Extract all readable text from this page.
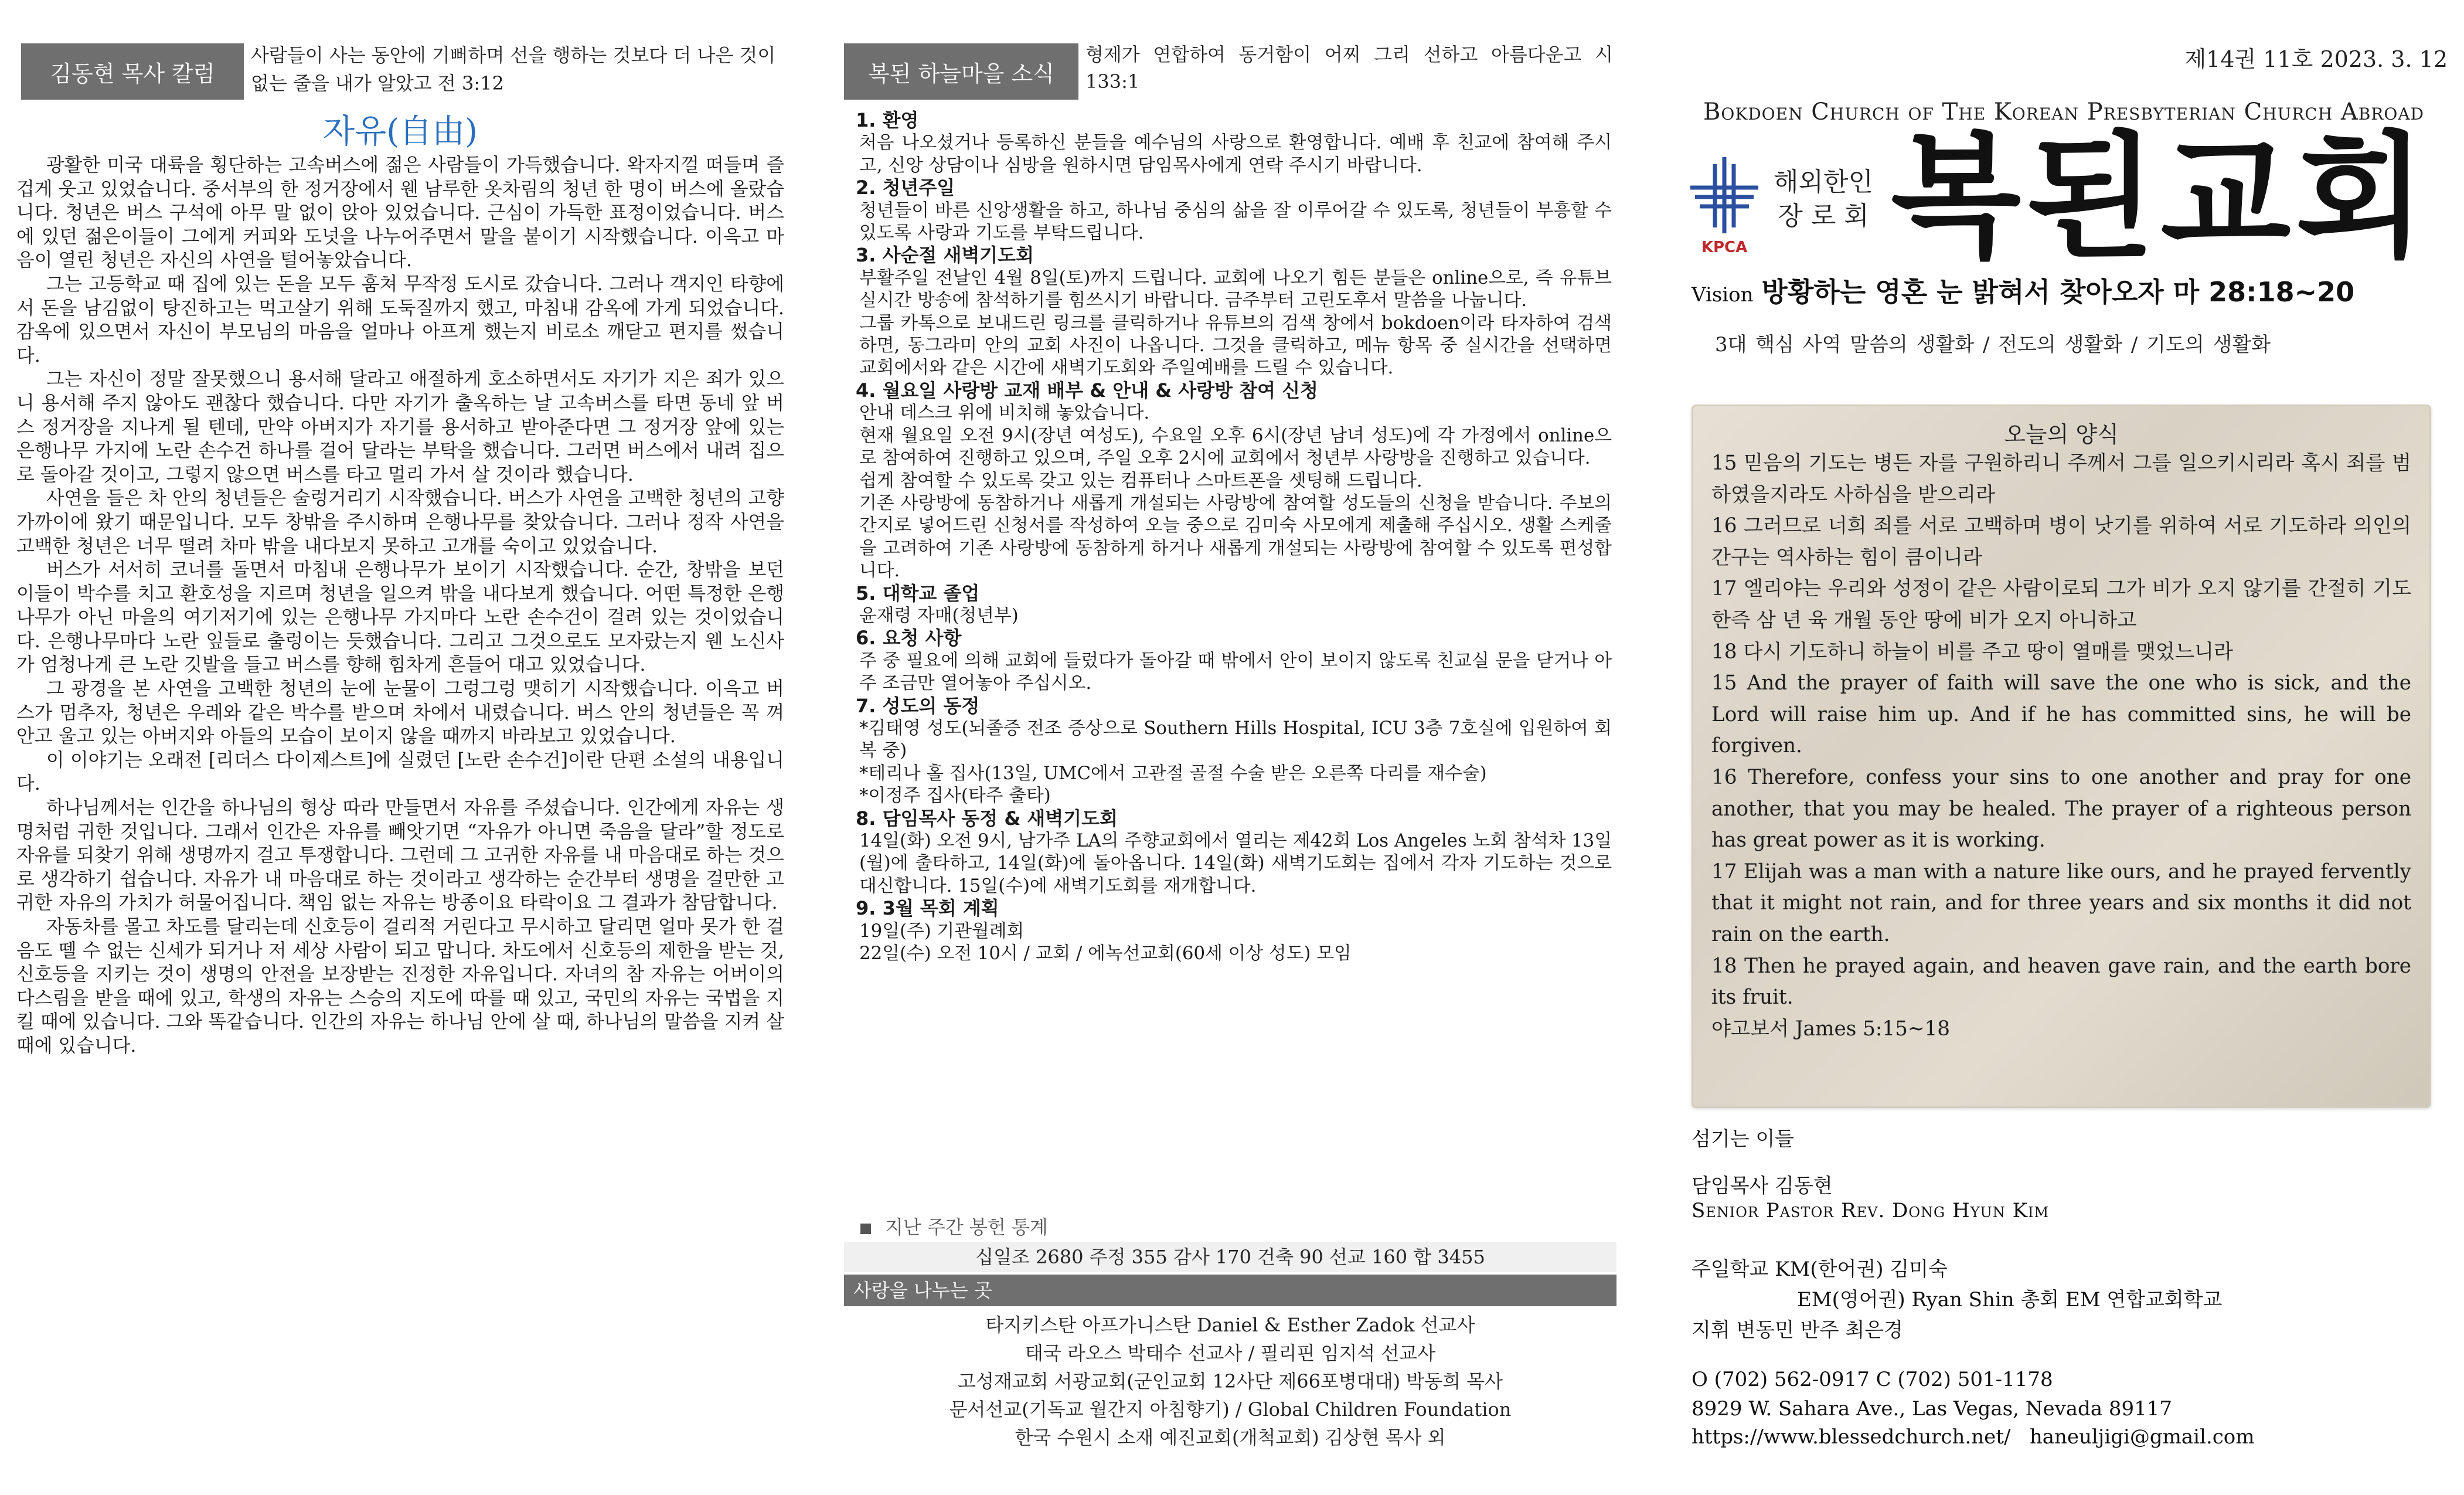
김동현 목사 칼럼
사람들이 사는 동안에 기뻐하며 선을 행하는 것보다 더 나은 것이 없는 줄을 내가 알았고 전 3:12
자유(自由)

광활한 미국 대륙을 횡단하는 고속버스에 젊은 사람들이 가득했습니다. 왁자지껄 떠들며 즐겁게 웃고 있었습니다. 중서부의 한 정거장에서 웬 남루한 옷차림의 청년 한 명이 버스에 올랐습니다. 청년은 버스 구석에 아무 말 없이 앉아 있었습니다. 근심이 가득한 표정이었습니다. 버스에 있던 젊은이들이 그에게 커피와 도넛을 나누어주면서 말을 붙이기 시작했습니다. 이윽고 마음이 열린 청년은 자신의 사연을 털어놓았습니다.

그는 고등학교 때 집에 있는 돈을 모두 훔쳐 무작정 도시로 갔습니다. 그러나 객지인 타향에서 돈을 남김없이 탕진하고는 먹고살기 위해 도둑질까지 했고, 마침내 감옥에 가게 되었습니다. 감옥에 있으면서 자신이 부모님의 마음을 얼마나 아프게 했는지 비로소 깨닫고 편지를 썼습니다.

그는 자신이 정말 잘못했으니 용서해 달라고 애절하게 호소하면서도 자기가 지은 죄가 있으니 용서해 주지 않아도 괜찮다 했습니다. 다만 자기가 출옥하는 날 고속버스를 타면 동네 앞 버스 정거장을 지나게 될 텐데, 만약 아버지가 자기를 용서하고 받아준다면 그 정거장 앞에 있는 은행나무 가지에 노란 손수건 하나를 걸어 달라는 부탁을 했습니다. 그러면 버스에서 내려 집으로 돌아갈 것이고, 그렇지 않으면 버스를 타고 멀리 가서 살 것이라 했습니다.

사연을 들은 차 안의 청년들은 술렁거리기 시작했습니다. 버스가 사연을 고백한 청년의 고향 가까이에 왔기 때문입니다. 모두 창밖을 주시하며 은행나무를 찾았습니다. 그러나 정작 사연을 고백한 청년은 너무 떨려 차마 밖을 내다보지 못하고 고개를 숙이고 있었습니다.

버스가 서서히 코너를 돌면서 마침내 은행나무가 보이기 시작했습니다. 순간, 창밖을 보던 이들이 박수를 치고 환호성을 지르며 청년을 일으켜 밖을 내다보게 했습니다. 어떤 특정한 은행나무가 아닌 마을의 여기저기에 있는 은행나무 가지마다 노란 손수건이 걸려 있는 것이었습니다. 은행나무마다 노란 잎들로 출렁이는 듯했습니다. 그리고 그것으로도 모자랐는지 웬 노신사가 엄청나게 큰 노란 깃발을 들고 버스를 향해 힘차게 흔들어 대고 있었습니다.

그 광경을 본 사연을 고백한 청년의 눈에 눈물이 그렁그렁 맺히기 시작했습니다. 이윽고 버스가 멈추자, 청년은 우레와 같은 박수를 받으며 차에서 내렸습니다. 버스 안의 청년들은 꼭 껴안고 울고 있는 아버지와 아들의 모습이 보이지 않을 때까지 바라보고 있었습니다.

이 이야기는 오래전 [리더스 다이제스트]에 실렸던 [노란 손수건]이란 단편 소설의 내용입니다.

하나님께서는 인간을 하나님의 형상 따라 만들면서 자유를 주셨습니다. 인간에게 자유는 생명처럼 귀한 것입니다. 그래서 인간은 자유를 빼앗기면 “자유가 아니면 죽음을 달라”할 정도로 자유를 되찾기 위해 생명까지 걸고 투쟁합니다. 그런데 그 고귀한 자유를 내 마음대로 하는 것으로 생각하기 쉽습니다. 자유가 내 마음대로 하는 것이라고 생각하는 순간부터 생명을 걸만한 고귀한 자유의 가치가 허물어집니다. 책임 없는 자유는 방종이요 타락이요 그 결과가 참담합니다.

자동차를 몰고 차도를 달리는데 신호등이 걸리적 거린다고 무시하고 달리면 얼마 못가 한 걸음도 뗄 수 없는 신세가 되거나 저 세상 사람이 되고 맙니다. 차도에서 신호등의 제한을 받는 것, 신호등을 지키는 것이 생명의 안전을 보장받는 진정한 자유입니다. 자녀의 참 자유는 어버이의 다스림을 받을 때에 있고, 학생의 자유는 스승의 지도에 따를 때 있고, 국민의 자유는 국법을 지킬 때에 있습니다. 그와 똑같습니다. 인간의 자유는 하나님 안에 살 때, 하나님의 말씀을 지켜 살 때에 있습니다.

복된 하늘마을 소식
형제가 연합하여 동거함이 어찌 그리 선하고 아름다운고 시 133:1
1. 환영
처음 나오셨거나 등록하신 분들을 예수님의 사랑으로 환영합니다. 예배 후 친교에 참여해 주시고, 신앙 상담이나 심방을 원하시면 담임목사에게 연락 주시기 바랍니다.
2. 청년주일
청년들이 바른 신앙생활을 하고, 하나님 중심의 삶을 잘 이루어갈 수 있도록, 청년들이 부흥할 수 있도록 사랑과 기도를 부탁드립니다.
3. 사순절 새벽기도회
부활주일 전날인 4월 8일(토)까지 드립니다. 교회에 나오기 힘든 분들은 online으로, 즉 유튜브 실시간 방송에 참석하기를 힘쓰시기 바랍니다. 금주부터 고린도후서 말씀을 나눕니다.
그룹 카톡으로 보내드린 링크를 클릭하거나 유튜브의 검색 창에서 bokdoen이라 타자하여 검색하면, 동그라미 안의 교회 사진이 나옵니다. 그것을 클릭하고, 메뉴 항목 중 실시간을 선택하면 교회에서와 같은 시간에 새벽기도회와 주일예배를 드릴 수 있습니다.
4. 월요일 사랑방 교재 배부 & 안내 & 사랑방 참여 신청
안내 데스크 위에 비치해 놓았습니다.
현재 월요일 오전 9시(장년 여성도), 수요일 오후 6시(장년 남녀 성도)에 각 가정에서 online으로 참여하여 진행하고 있으며, 주일 오후 2시에 교회에서 청년부 사랑방을 진행하고 있습니다.
쉽게 참여할 수 있도록 갖고 있는 컴퓨터나 스마트폰을 셋팅해 드립니다.
기존 사랑방에 동참하거나 새롭게 개설되는 사랑방에 참여할 성도들의 신청을 받습니다. 주보의 간지로 넣어드린 신청서를 작성하여 오늘 중으로 김미숙 사모에게 제출해 주십시오. 생활 스케줄을 고려하여 기존 사랑방에 동참하게 하거나 새롭게 개설되는 사랑방에 참여할 수 있도록 편성합니다.
5. 대학교 졸업
윤재령 자매(청년부)
6. 요청 사항
주 중 필요에 의해 교회에 들렀다가 돌아갈 때 밖에서 안이 보이지 않도록 친교실 문을 닫거나 아주 조금만 열어놓아 주십시오.
7. 성도의 동정
*김태영 성도(뇌졸증 전조 증상으로 Southern Hills Hospital, ICU 3층 7호실에 입원하여 회복 중)
*테리나 홀 집사(13일, UMC에서 고관절 골절 수술 받은 오른쪽 다리를 재수술)
*이정주 집사(타주 출타)
8. 담임목사 동정 & 새벽기도회
14일(화) 오전 9시, 남가주 LA의 주향교회에서 열리는 제42회 Los Angeles 노회 참석차 13일(월)에 출타하고, 14일(화)에 돌아옵니다. 14일(화) 새벽기도회는 집에서 각자 기도하는 것으로 대신합니다. 15일(수)에 새벽기도회를 재개합니다.
9. 3월 목회 계획
19일(주) 기관월례회
22일(수) 오전 10시 / 교회 / 에녹선교회(60세 이상 성도) 모임
지난 주간 봉헌 통계
십일조 2680 주정 355 감사 170 건축 90 선교 160 합 3455
사랑을 나누는 곳
타지키스탄 아프가니스탄 Daniel & Esther Zadok 선교사
태국 라오스 박태수 선교사 / 필리핀 임지석 선교사
고성재교회 서광교회(군인교회 12사단 제66포병대대) 박동희 목사
문서선교(기독교 월간지 아침향기) / Global Children Foundation
한국 수원시 소재 예진교회(개척교회) 김상현 목사 외
제14권 11호 2023. 3. 12
Bokdoen Church of The Korean Presbyterian Church Abroad
KPCA
해외한인
장 로 회 복된교회
Vision 방황하는 영혼 눈 밝혀서 찾아오자 마 28:18~20
3대 핵심 사역 말씀의 생활화 / 전도의 생활화 / 기도의 생활화
오늘의 양식
15 믿음의 기도는 병든 자를 구원하리니 주께서 그를 일으키시리라 혹시 죄를 범하였을지라도 사하심을 받으리라
16 그러므로 너희 죄를 서로 고백하며 병이 낫기를 위하여 서로 기도하라 의인의 간구는 역사하는 힘이 큼이니라
17 엘리야는 우리와 성정이 같은 사람이로되 그가 비가 오지 않기를 간절히 기도한즉 삼 년 육 개월 동안 땅에 비가 오지 아니하고
18 다시 기도하니 하늘이 비를 주고 땅이 열매를 맺었느니라
15 And the prayer of faith will save the one who is sick, and the Lord will raise him up. And if he has committed sins, he will be forgiven.
16 Therefore, confess your sins to one another and pray for one another, that you may be healed. The prayer of a righteous person has great power as it is working.
17 Elijah was a man with a nature like ours, and he prayed fervently that it might not rain, and for three years and six months it did not rain on the earth.
18 Then he prayed again, and heaven gave rain, and the earth bore its fruit.
야고보서 James 5:15~18
섬기는 이들
담임목사 김동현
Senior Pastor Rev. Dong Hyun Kim
주일학교 KM(한어권) 김미숙
EM(영어권) Ryan Shin 총회 EM 연합교회학교
지휘 변동민 반주 최은경
O (702) 562-0917 C (702) 501-1178
8929 W. Sahara Ave., Las Vegas, Nevada 89117
https://www.blessedchurch.net/ haneuljigi@gmail.com
